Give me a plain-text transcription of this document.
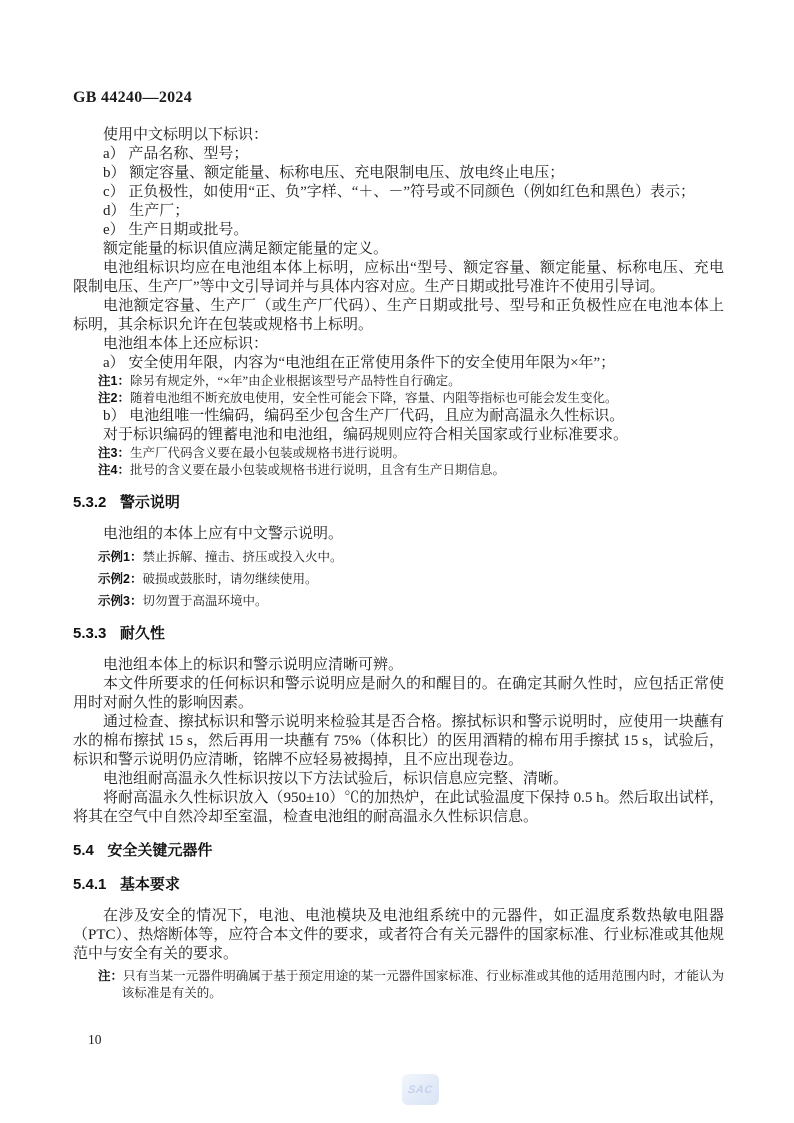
GB 44240—2024

使用中文标明以下标识：

a） 产品名称、型号；

b） 额定容量、额定能量、标称电压、充电限制电压、放电终止电压；

c） 正负极性，如使用“正、负”字样、“＋、－”符号或不同颜色（例如红色和黑色）表示；

d） 生产厂；

e） 生产日期或批号。

额定能量的标识值应满足额定能量的定义。

电池组标识均应在电池组本体上标明，应标出“型号、额定容量、额定能量、标称电压、充电限制电压、生产厂”等中文引导词并与具体内容对应。生产日期或批号准许不使用引导词。

电池额定容量、生产厂（或生产厂代码）、生产日期或批号、型号和正负极性应在电池本体上标明，其余标识允许在包装或规格书上标明。

电池组本体上还应标识：

a） 安全使用年限，内容为“电池组在正常使用条件下的安全使用年限为×年”；

注1：除另有规定外，“×年”由企业根据该型号产品特性自行确定。

注2：随着电池组不断充放电使用，安全性可能会下降，容量、内阻等指标也可能会发生变化。

b） 电池组唯一性编码，编码至少包含生产厂代码，且应为耐高温永久性标识。

对于标识编码的锂蓄电池和电池组，编码规则应符合相关国家或行业标准要求。

注3：生产厂代码含义要在最小包装或规格书进行说明。

注4：批号的含义要在最小包装或规格书进行说明，且含有生产日期信息。

5.3.2 警示说明

电池组的本体上应有中文警示说明。

示例1：禁止拆解、撞击、挤压或投入火中。

示例2：破损或鼓胀时，请勿继续使用。

示例3：切勿置于高温环境中。

5.3.3 耐久性

电池组本体上的标识和警示说明应清晰可辨。

本文件所要求的任何标识和警示说明应是耐久的和醒目的。在确定其耐久性时，应包括正常使用时对耐久性的影响因素。

通过检查、擦拭标识和警示说明来检验其是否合格。擦拭标识和警示说明时，应使用一块蘸有水的棉布擦拭 15 s，然后再用一块蘸有 75%（体积比）的医用酒精的棉布用手擦拭 15 s，试验后，标识和警示说明仍应清晰，铭牌不应轻易被揭掉，且不应出现卷边。

电池组耐高温永久性标识按以下方法试验后，标识信息应完整、清晰。

将耐高温永久性标识放入（950±10）℃的加热炉，在此试验温度下保持 0.5 h。然后取出试样，将其在空气中自然冷却至室温，检查电池组的耐高温永久性标识信息。

5.4 安全关键元器件
5.4.1 基本要求

在涉及安全的情况下，电池、电池模块及电池组系统中的元器件，如正温度系数热敏电阻器（PTC）、热熔断体等，应符合本文件的要求，或者符合有关元器件的国家标准、行业标准或其他规范中与安全有关的要求。

注：只有当某一元器件明确属于基于预定用途的某一元器件国家标准、行业标准或其他的适用范围内时，才能认为该标准是有关的。

10
SAC
